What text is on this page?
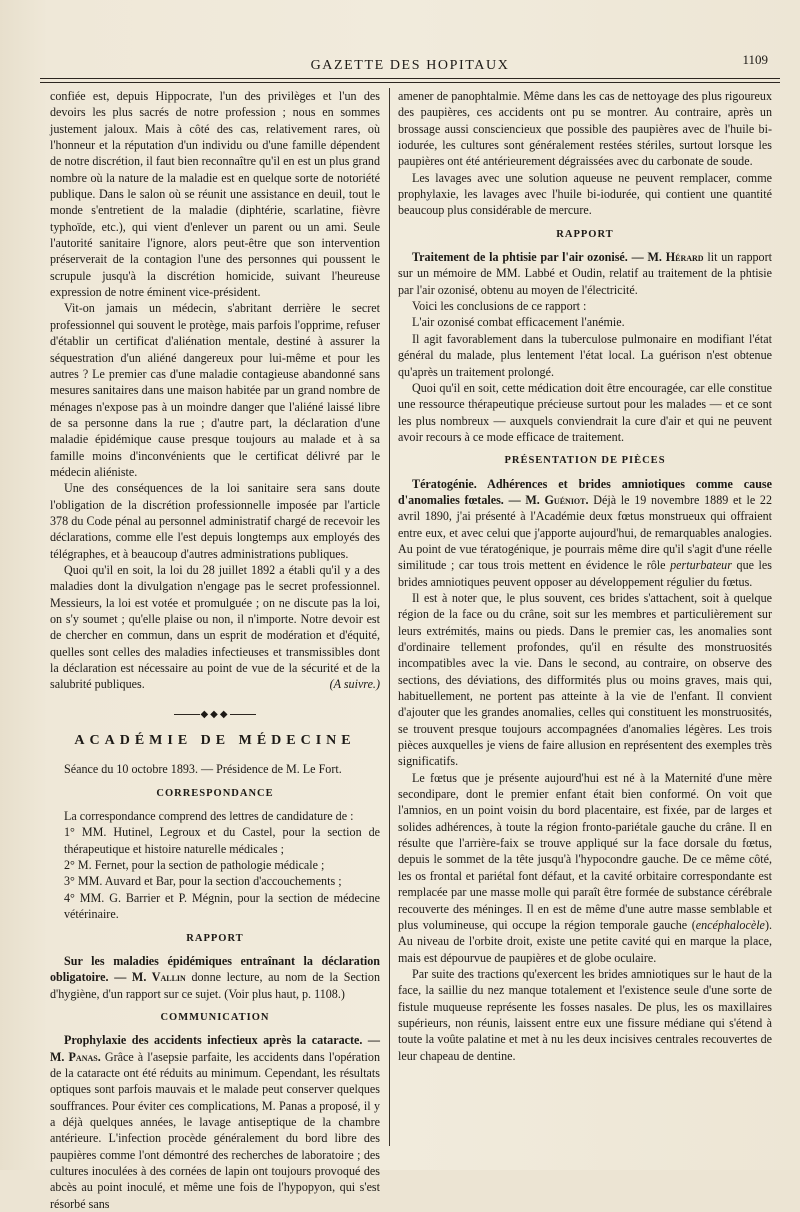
GAZETTE DES HOPITAUX	1109

confiée est, depuis Hippocrate, l'un des privilèges et l'un des devoirs les plus sacrés de notre profession ; nous en sommes justement jaloux. Mais à côté des cas, relativement rares, où l'honneur et la réputation d'un individu ou d'une famille dépendent de notre discrétion, il faut bien reconnaître qu'il en est un plus grand nombre où la nature de la maladie est en quelque sorte de notoriété publique. Dans le salon où se réunit une assistance en deuil, tout le monde s'entretient de la maladie (diphtérie, scarlatine, fièvre typhoïde, etc.), qui vient d'enlever un parent ou un ami. Seule l'autorité sanitaire l'ignore, alors peut-être que son intervention préserverait de la contagion l'une des personnes qui poussent le scrupule jusqu'à la discrétion homicide, suivant l'heureuse expression de notre éminent vice-président.

Vit-on jamais un médecin, s'abritant derrière le secret professionnel qui souvent le protège, mais parfois l'opprime, refuser d'établir un certificat d'aliénation mentale, destiné à assurer la séquestration d'un aliéné dangereux pour lui-même et pour les autres ? Le premier cas d'une maladie contagieuse abandonné sans mesures sanitaires dans une maison habitée par un grand nombre de ménages n'expose pas à un moindre danger que l'aliéné laissé libre de sa personne dans la rue ; d'autre part, la déclaration d'une maladie épidémique cause presque toujours au malade et à sa famille moins d'inconvénients que le certificat délivré par le médecin aliéniste.

Une des conséquences de la loi sanitaire sera sans doute l'obligation de la discrétion professionnelle imposée par l'article 378 du Code pénal au personnel administratif chargé de recevoir les déclarations, comme elle l'est depuis longtemps aux employés des télégraphes, et à beaucoup d'autres administrations publiques.

Quoi qu'il en soit, la loi du 28 juillet 1892 a établi qu'il y a des maladies dont la divulgation n'engage pas le secret professionnel. Messieurs, la loi est votée et promulguée ; on ne discute pas la loi, on s'y soumet ; qu'elle plaise ou non, il n'importe. Notre devoir est de chercher en commun, dans un esprit de modération et d'équité, quelles sont celles des maladies infectieuses et transmissibles dont la déclaration est nécessaire au point de vue de la sécurité et de la salubrité publiques.	(A suivre.)

◆◆◆
ACADÉMIE DE MÉDECINE

Séance du 10 octobre 1893. — Présidence de M. Le Fort.

CORRESPONDANCE

La correspondance comprend des lettres de candidature de :

1° MM. Hutinel, Legroux et du Castel, pour la section de thérapeutique et histoire naturelle médicales ;

2° M. Fernet, pour la section de pathologie médicale ;

3° MM. Auvard et Bar, pour la section d'accouchements ;

4° MM. G. Barrier et P. Mégnin, pour la section de médecine vétérinaire.

RAPPORT

Sur les maladies épidémiques entraînant la déclaration obligatoire. — M. Vallin donne lecture, au nom de la Section d'hygiène, d'un rapport sur ce sujet. (Voir plus haut, p. 1108.)

COMMUNICATION

Prophylaxie des accidents infectieux après la cataracte. — M. Panas. Grâce à l'asepsie parfaite, les accidents dans l'opération de la cataracte ont été réduits au minimum. Cependant, les résultats optiques sont parfois mauvais et le malade peut conserver quelques souffrances. Pour éviter ces complications, M. Panas a proposé, il y a déjà quelques années, le lavage antiseptique de la chambre antérieure. L'infection procède généralement du bord libre des paupières comme l'ont démontré des recherches de laboratoire ; des cultures inoculées à des cornées de lapin ont toujours provoqué des abcès au point inoculé, et même une fois de l'hypopyon, qui s'est résorbé sans

amener de panophtalmie. Même dans les cas de nettoyage des plus rigoureux des paupières, ces accidents ont pu se montrer. Au contraire, après un brossage aussi consciencieux que possible des paupières avec de l'huile bi-iodurée, les cultures sont généralement restées stériles, surtout lorsque les paupières ont été antérieurement dégraissées avec du carbonate de soude.

Les lavages avec une solution aqueuse ne peuvent remplacer, comme prophylaxie, les lavages avec l'huile bi-iodurée, qui contient une quantité beaucoup plus considérable de mercure.

RAPPORT

Traitement de la phtisie par l'air ozonisé. — M. Hérard lit un rapport sur un mémoire de MM. Labbé et Oudin, relatif au traitement de la phtisie par l'air ozonisé, obtenu au moyen de l'électricité.

Voici les conclusions de ce rapport :

L'air ozonisé combat efficacement l'anémie.

Il agit favorablement dans la tuberculose pulmonaire en modifiant l'état général du malade, plus lentement l'état local. La guérison n'est obtenue qu'après un traitement prolongé.

Quoi qu'il en soit, cette médication doit être encouragée, car elle constitue une ressource thérapeutique précieuse surtout pour les malades — et ce sont les plus nombreux — auxquels conviendrait la cure d'air et qui ne peuvent avoir recours à ce mode efficace de traitement.

PRÉSENTATION DE PIÈCES

Tératogénie. Adhérences et brides amniotiques comme cause d'anomalies fœtales. — M. Guéniot. Déjà le 19 novembre 1889 et le 22 avril 1890, j'ai présenté à l'Académie deux fœtus monstrueux qui offraient entre eux, et avec celui que j'apporte aujourd'hui, de remarquables analogies. Au point de vue tératogénique, je pourrais même dire qu'il s'agit d'une réelle similitude ; car tous trois mettent en évidence le rôle perturbateur que les brides amniotiques peuvent opposer au développement régulier du fœtus.

Il est à noter que, le plus souvent, ces brides s'attachent, soit à quelque région de la face ou du crâne, soit sur les membres et particulièrement sur leurs extrémités, mains ou pieds. Dans le premier cas, les anomalies sont d'ordinaire tellement profondes, qu'il en résulte des monstruosités incompatibles avec la vie. Dans le second, au contraire, on observe des sections, des déviations, des difformités plus ou moins graves, mais qui, habituellement, ne portent pas atteinte à la vie de l'enfant. Il convient d'ajouter que les grandes anomalies, celles qui constituent les monstruosités, se trouvent presque toujours accompagnées d'anomalies légères. Les trois pièces auxquelles je viens de faire allusion en représentent des exemples très significatifs.

Le fœtus que je présente aujourd'hui est né à la Maternité d'une mère secondipare, dont le premier enfant était bien conformé. On voit que l'amnios, en un point voisin du bord placentaire, est fixée, par de larges et solides adhérences, à toute la région fronto-pariétale gauche du crâne. Il en résulte que l'arrière-faix se trouve appliqué sur la face dorsale du fœtus, depuis le sommet de la tête jusqu'à l'hypocondre gauche. De ce même côté, les os frontal et pariétal font défaut, et la cavité orbitaire correspondante est remplacée par une masse molle qui paraît être formée de substance cérébrale recouverte des méninges. Il en est de même d'une autre masse semblable et plus volumineuse, qui occupe la région temporale gauche (encéphalocèle). Au niveau de l'orbite droit, existe une petite cavité qui en marque la place, mais est dépourvue de paupières et de globe oculaire.

Par suite des tractions qu'exercent les brides amniotiques sur le haut de la face, la saillie du nez manque totalement et l'existence seule d'une sorte de fistule muqueuse représente les fosses nasales. De plus, les os maxillaires supérieurs, non réunis, laissent entre eux une fissure médiane qui s'étend à toute la voûte palatine et met à nu les deux incisives centrales recouvertes de leur chapeau de dentine.
